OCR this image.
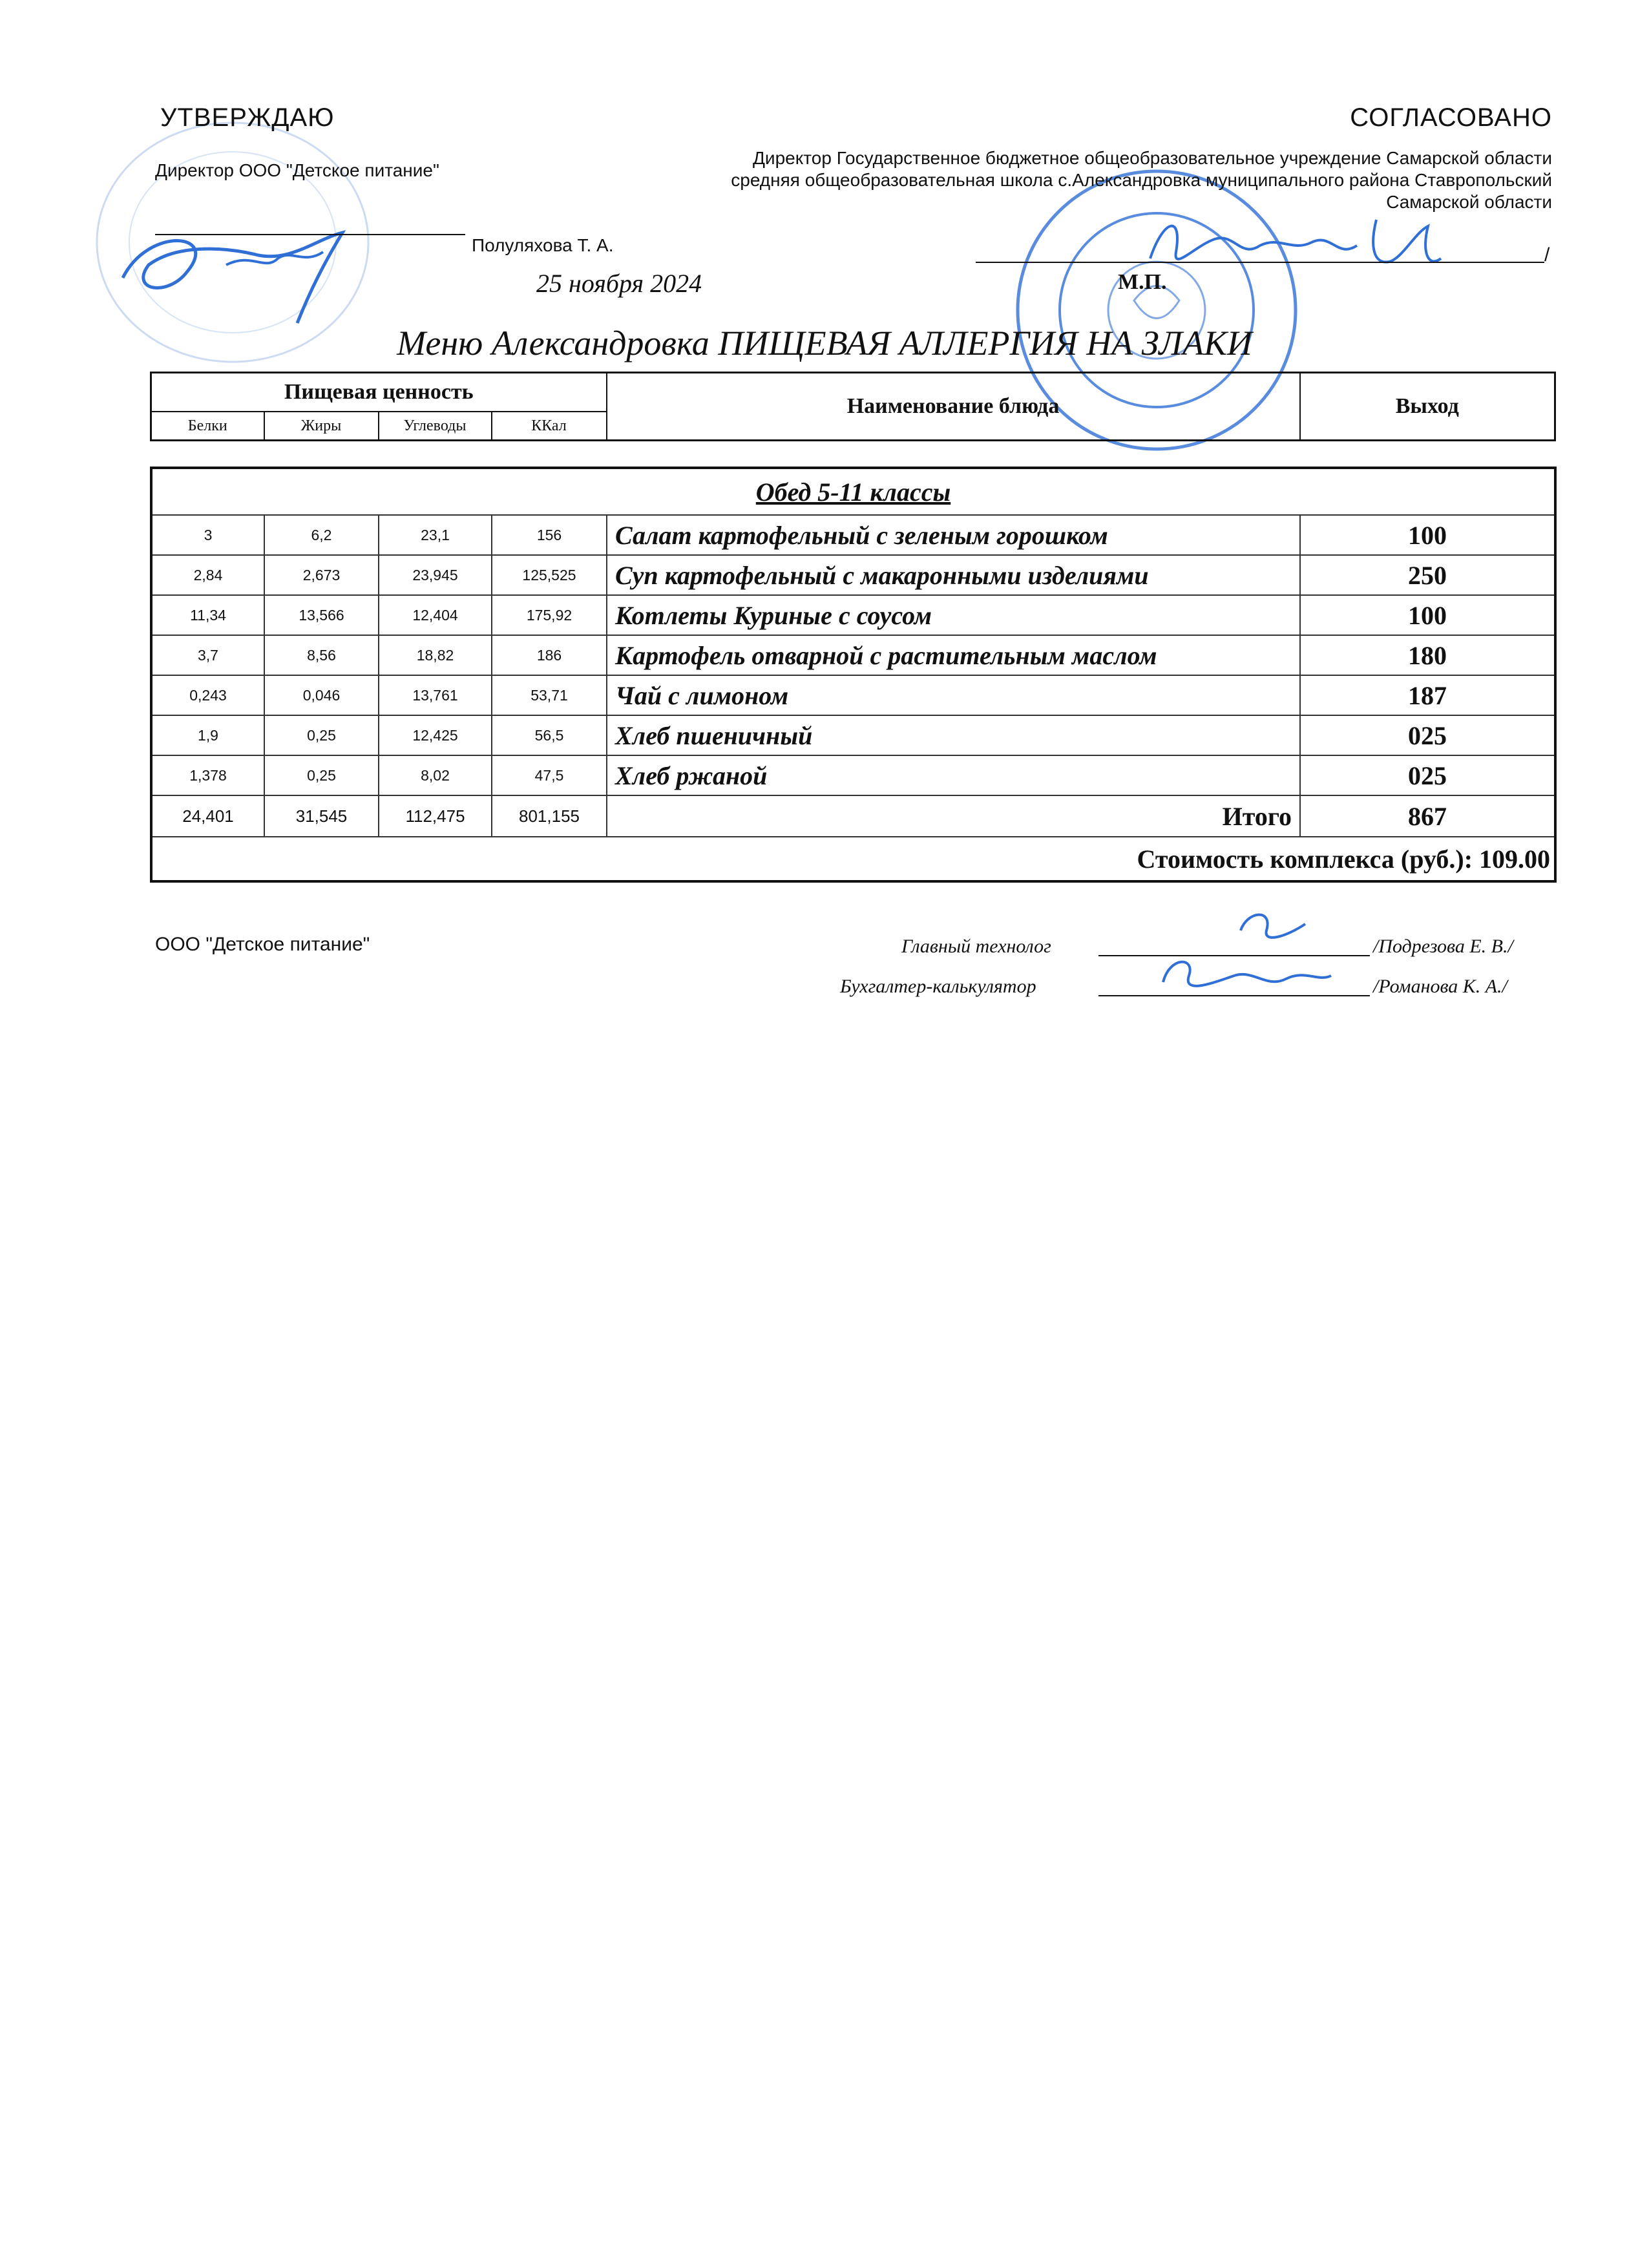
УТВЕРЖДАЮ
Директор ООО "Детское питание"
Полуляхова Т. А.
25 ноября 2024
СОГЛАСОВАНО
Директор Государственное бюджетное общеобразовательное учреждение Самарской области средняя общеобразовательная школа с.Александровка муниципального района Ставропольский Самарской области
/
М.П.
Меню Александровка ПИЩЕВАЯ АЛЛЕРГИЯ НА ЗЛАКИ
Пищевая ценность				Наименование блюда	Выход
Белки	Жиры	Углеводы	ККал		
Обед 5-11 классы					
3	6,2	23,1	156	Салат картофельный с зеленым горошком	100
2,84	2,673	23,945	125,525	Суп картофельный с макаронными изделиями	250
11,34	13,566	12,404	175,92	Котлеты Куриные с соусом	100
3,7	8,56	18,82	186	Картофель отварной с растительным маслом	180
0,243	0,046	13,761	53,71	Чай с лимоном	187
1,9	0,25	12,425	56,5	Хлеб пшеничный	025
1,378	0,25	8,02	47,5	Хлеб ржаной	025
24,401	31,545	112,475	801,155	Итого	867
Стоимость комплекса (руб.): 109.00					
ООО "Детское питание"	Главный технолог	/Подрезова Е. В./
Бухгалтер-калькулятор	/Романова К. А./
